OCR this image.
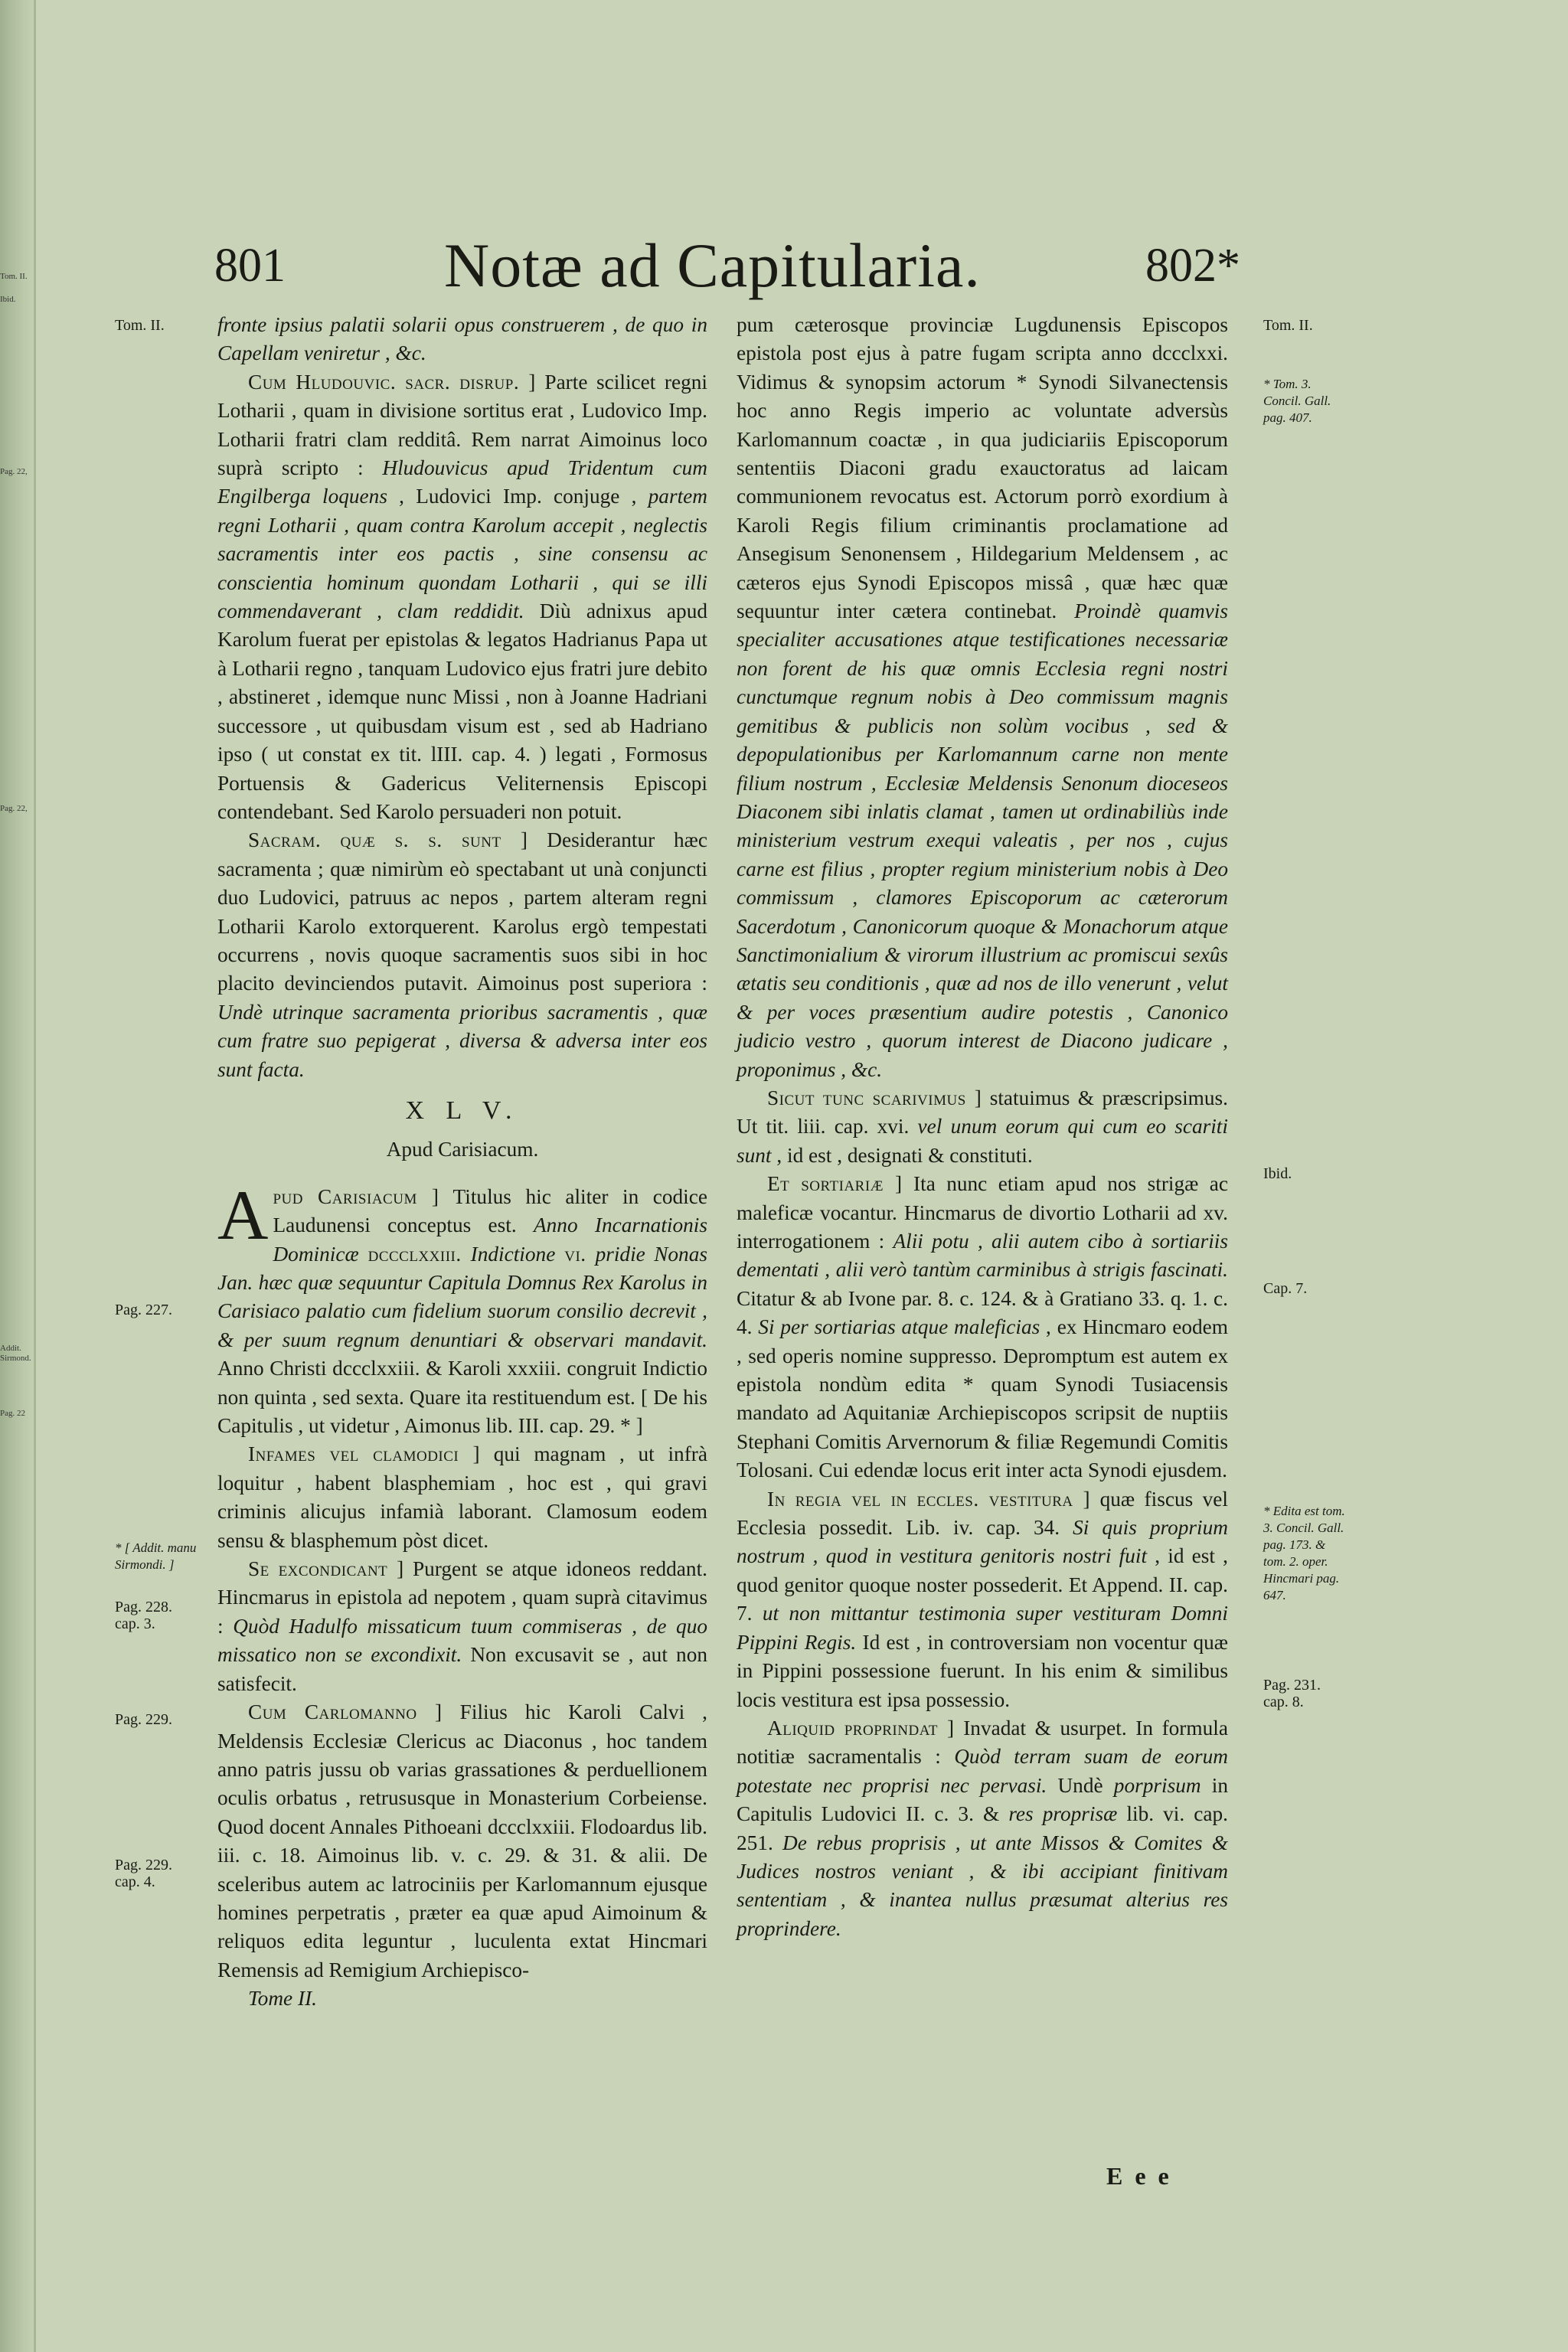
Tom. II.
Ibid.
Pag. 22,
Pag. 22,
Addit. Sirmond.
Pag. 22
801	Notæ ad Capitularia.	802*
Tom. II.
Pag. 227.
* [ Addit. manu Sirmondi. ]
Pag. 228. cap. 3.
Pag. 229.
Pag. 229. cap. 4.
Tom. II.
* Tom. 3. Concil. Gall. pag. 407.
Ibid.
Cap. 7.
* Edita est tom. 3. Concil. Gall. pag. 173. & tom. 2. oper. Hincmari pag. 647.
Pag. 231. cap. 8.

fronte ipsius palatii solarii opus construerem , de quo in Capellam veniretur , &c.

Cum Hludouvic. sacr. disrup. ] Parte scilicet regni Lotharii , quam in divisione sortitus erat , Ludovico Imp. Lotharii fratri clam redditâ. Rem narrat Aimoinus loco suprà scripto : Hludouvicus apud Tridentum cum Engilberga loquens , Ludovici Imp. conjuge , partem regni Lotharii , quam contra Karolum accepit , neglectis sacramentis inter eos pactis , sine consensu ac conscientia hominum quondam Lotharii , qui se illi commendaverant , clam reddidit. Diù adnixus apud Karolum fuerat per epistolas & legatos Hadrianus Papa ut à Lotharii regno , tanquam Ludovico ejus fratri jure debito , abstineret , idemque nunc Missi , non à Joanne Hadriani successore , ut quibusdam visum est , sed ab Hadriano ipso ( ut constat ex tit. lIII. cap. 4. ) legati , Formosus Portuensis & Gadericus Veliternensis Episcopi contendebant. Sed Karolo persuaderi non potuit.

Sacram. quæ s. s. sunt ] Desiderantur hæc sacramenta ; quæ nimirùm eò spectabant ut unà conjuncti duo Ludovici, patruus ac nepos , partem alteram regni Lotharii Karolo extorquerent. Karolus ergò tempestati occurrens , novis quoque sacramentis suos sibi in hoc placito devinciendos putavit. Aimoinus post superiora : Undè utrinque sacramenta prioribus sacramentis , quæ cum fratre suo pepigerat , diversa & adversa inter eos sunt facta.

X L V.

Apud Carisiacum.

Apud Carisiacum ] Titulus hic aliter in codice Laudunensi conceptus est. Anno Incarnationis Dominicæ dccclxxiii. Indictione vi. pridie Nonas Jan. hæc quæ sequuntur Capitula Domnus Rex Karolus in Carisiaco palatio cum fidelium suorum consilio decrevit , & per suum regnum denuntiari & observari mandavit. Anno Christi dccclxxiii. & Karoli xxxiii. congruit Indictio non quinta , sed sexta. Quare ita restituendum est. [ De his Capitulis , ut videtur , Aimonus lib. III. cap. 29. * ]

Infames vel clamodici ] qui magnam , ut infrà loquitur , habent blasphemiam , hoc est , qui gravi criminis alicujus infamià laborant. Clamosum eodem sensu & blasphemum pòst dicet.

Se excondicant ] Purgent se atque idoneos reddant. Hincmarus in epistola ad nepotem , quam suprà citavimus : Quòd Hadulfo missaticum tuum commiseras , de quo missatico non se excondixit. Non excusavit se , aut non satisfecit.

Cum Carlomanno ] Filius hic Karoli Calvi , Meldensis Ecclesiæ Clericus ac Diaconus , hoc tandem anno patris jussu ob varias grassationes & perduellionem oculis orbatus , retrususque in Monasterium Corbeiense. Quod docent Annales Pithoeani dccclxxiii. Flodoardus lib. iii. c. 18. Aimoinus lib. v. c. 29. & 31. & alii. De sceleribus autem ac latrociniis per Karlomannum ejusque homines perpetratis , præter ea quæ apud Aimoinum & reliquos edita leguntur , luculenta extat Hincmari Remensis ad Remigium Archiepisco-

Tome II.

pum cæterosque provinciæ Lugdunensis Episcopos epistola post ejus à patre fugam scripta anno dccclxxi. Vidimus & synopsim actorum * Synodi Silvanectensis hoc anno Regis imperio ac voluntate adversùs Karlomannum coactæ , in qua judiciariis Episcoporum sententiis Diaconi gradu exauctoratus ad laicam communionem revocatus est. Actorum porrò exordium à Karoli Regis filium criminantis proclamatione ad Ansegisum Senonensem , Hildegarium Meldensem , ac cæteros ejus Synodi Episcopos missâ , quæ hæc quæ sequuntur inter cætera continebat. Proindè quamvis specialiter accusationes atque testificationes necessariæ non forent de his quæ omnis Ecclesia regni nostri cunctumque regnum nobis à Deo commissum magnis gemitibus & publicis non solùm vocibus , sed & depopulationibus per Karlomannum carne non mente filium nostrum , Ecclesiæ Meldensis Senonum dioceseos Diaconem sibi inlatis clamat , tamen ut ordinabiliùs inde ministerium vestrum exequi valeatis , per nos , cujus carne est filius , propter regium ministerium nobis à Deo commissum , clamores Episcoporum ac cæterorum Sacerdotum , Canonicorum quoque & Monachorum atque Sanctimonialium & virorum illustrium ac promiscui sexûs ætatis seu conditionis , quæ ad nos de illo venerunt , velut & per voces præsentium audire potestis , Canonico judicio vestro , quorum interest de Diacono judicare , proponimus , &c.

Sicut tunc scarivimus ] statuimus & præscripsimus. Ut tit. liii. cap. xvi. vel unum eorum qui cum eo scariti sunt , id est , designati & constituti.

Et sortiariæ ] Ita nunc etiam apud nos strigæ ac maleficæ vocantur. Hincmarus de divortio Lotharii ad xv. interrogationem : Alii potu , alii autem cibo à sortiariis dementati , alii verò tantùm carminibus à strigis fascinati. Citatur & ab Ivone par. 8. c. 124. & à Gratiano 33. q. 1. c. 4. Si per sortiarias atque maleficias , ex Hincmaro eodem , sed operis nomine suppresso. Depromptum est autem ex epistola nondùm edita * quam Synodi Tusiacensis mandato ad Aquitaniæ Archiepiscopos scripsit de nuptiis Stephani Comitis Arvernorum & filiæ Regemundi Comitis Tolosani. Cui edendæ locus erit inter acta Synodi ejusdem.

In regia vel in eccles. vestitura ] quæ fiscus vel Ecclesia possedit. Lib. iv. cap. 34. Si quis proprium nostrum , quod in vestitura genitoris nostri fuit , id est , quod genitor quoque noster possederit. Et Append. II. cap. 7. ut non mittantur testimonia super vestituram Domni Pippini Regis. Id est , in controversiam non vocentur quæ in Pippini possessione fuerunt. In his enim & similibus locis vestitura est ipsa possessio.

Aliquid proprindat ] Invadat & usurpet. In formula notitiæ sacramentalis : Quòd terram suam de eorum potestate nec proprisi nec pervasi. Undè porprisum in Capitulis Ludovici II. c. 3. & res proprisæ lib. vi. cap. 251. De rebus proprisis , ut ante Missos & Comites & Judices nostros veniant , & ibi accipiant finitivam sententiam , & inantea nullus præsumat alterius res proprindere.

E e e
